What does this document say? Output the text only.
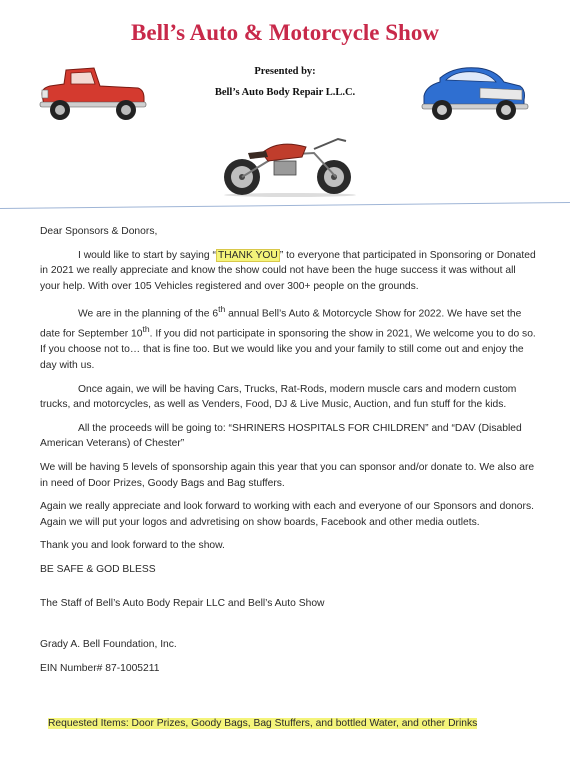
Bell’s Auto & Motorcycle Show
Presented by:
Bell’s Auto Body Repair L.L.C.

Dear Sponsors & Donors,

I would like to start by saying “ THANK YOU ” to everyone that participated in Sponsoring or Donated in 2021 we really appreciate and know the show could not have been the huge success it was without all your help. With over 105 Vehicles registered and over 300+ people on the grounds.

We are in the planning of the 6th annual Bell’s Auto & Motorcycle Show for 2022. We have set the date for September 10th. If you did not participate in sponsoring the show in 2021, We welcome you to do so. If you choose not to… that is fine too. But we would like you and your family to still come out and enjoy the day with us.

Once again, we will be having Cars, Trucks, Rat-Rods, modern muscle cars and modern custom trucks, and motorcycles, as well as Venders, Food, DJ & Live Music, Auction, and fun stuff for the kids.

All the proceeds will be going to: “SHRINERS HOSPITALS FOR CHILDREN” and “DAV (Disabled American Veterans) of Chester”

We will be having 5 levels of sponsorship again this year that you can sponsor and/or donate to. We also are in need of Door Prizes, Goody Bags and Bag stuffers.

Again we really appreciate and look forward to working with each and everyone of our Sponsors and donors. Again we will put your logos and advretising on show boards, Facebook and other media outlets.

Thank you and look forward to the show.

BE SAFE & GOD BLESS

The Staff of Bell’s Auto Body Repair LLC and Bell’s Auto Show

Grady A. Bell Foundation, Inc.

EIN Number# 87-1005211

Requested Items: Door Prizes, Goody Bags, Bag Stuffers, and bottled Water, and other Drinks
